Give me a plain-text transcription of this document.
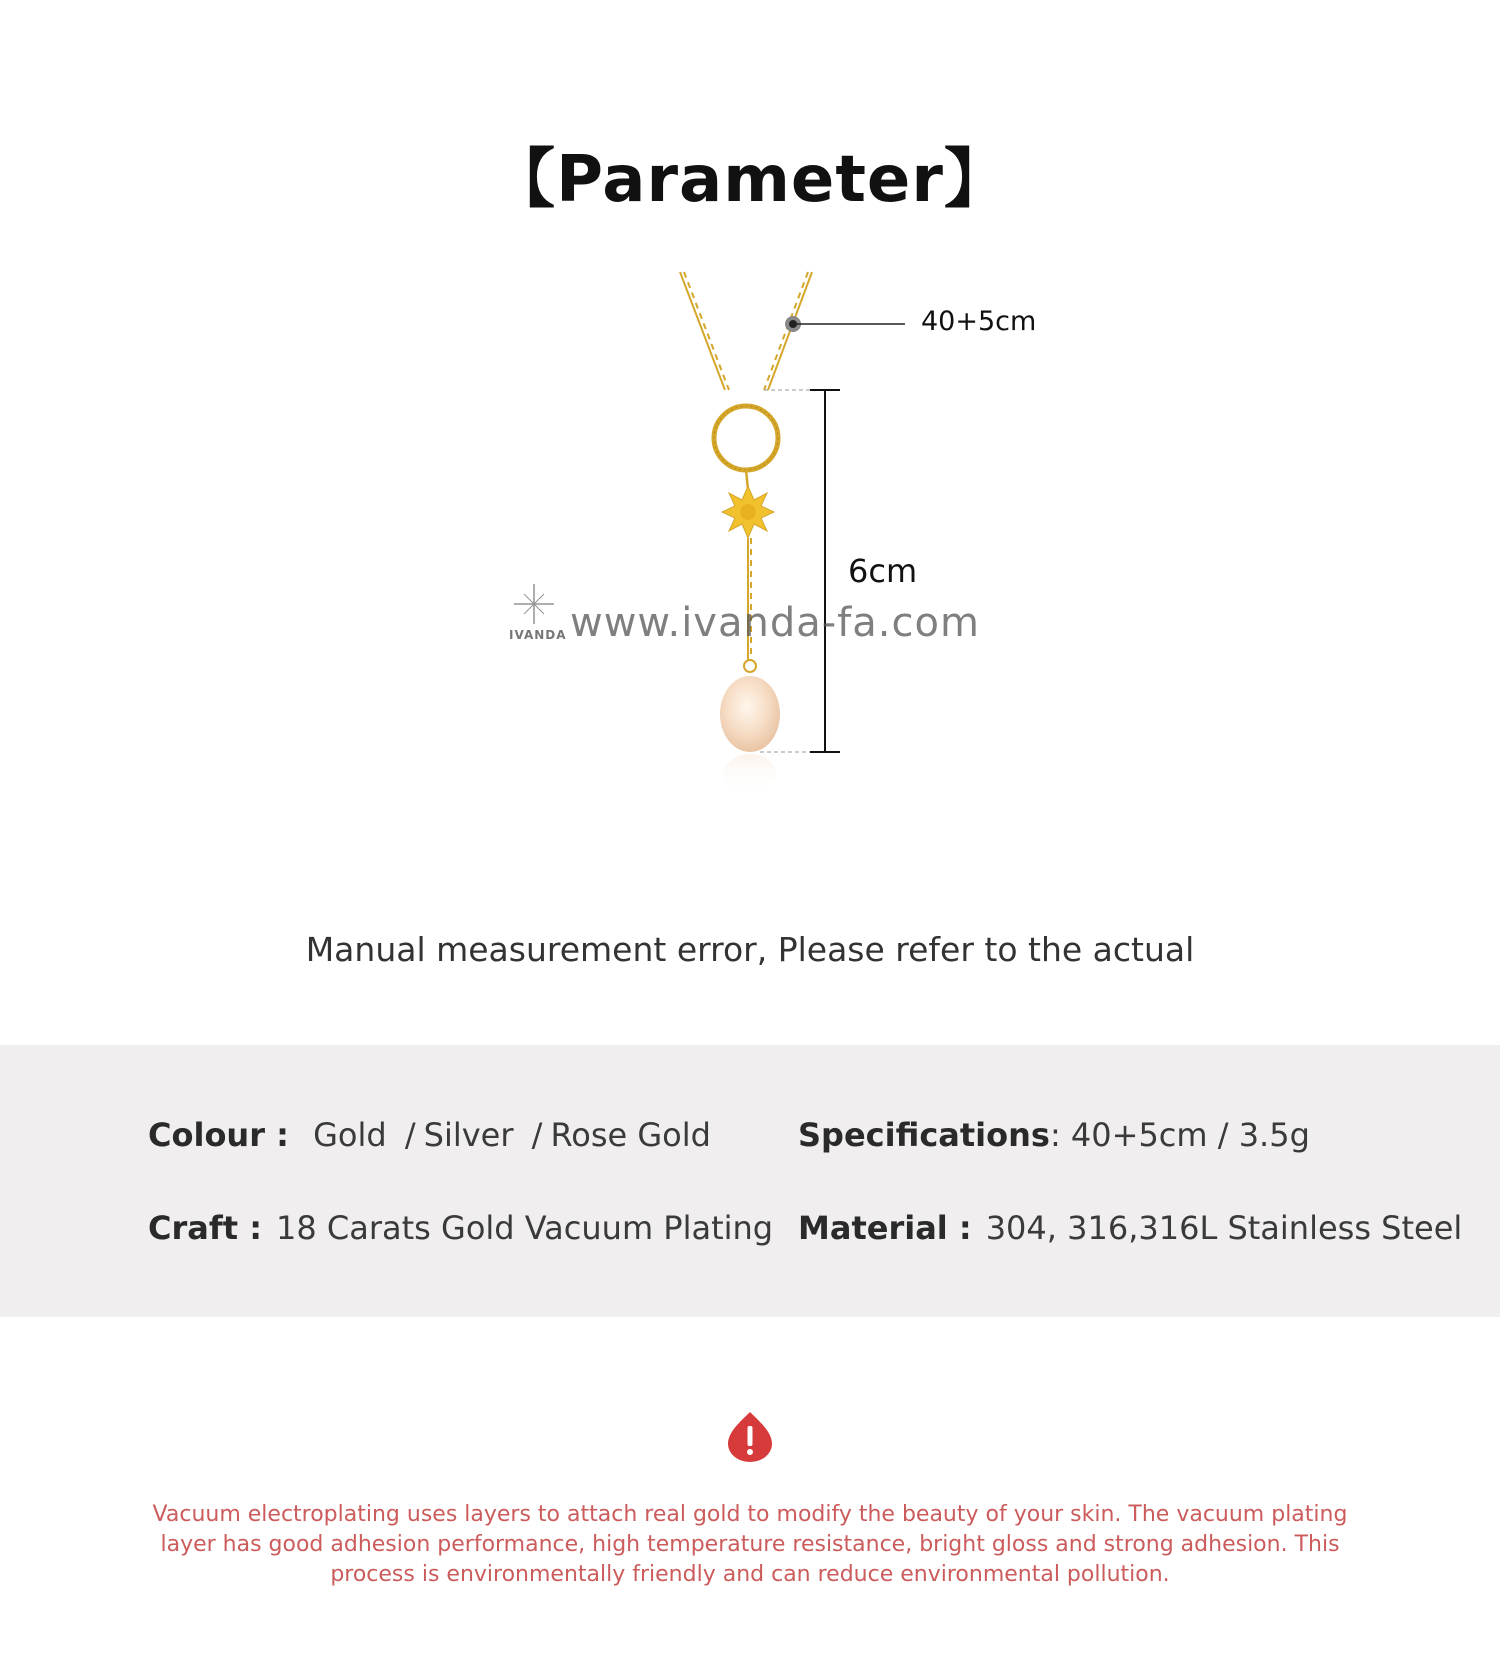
【Parameter】
40+5cm
6cm
www.ivanda-fa.com
IVANDA
Manual measurement error, Please refer to the actual
Colour : Gold / Silver / Rose Gold	Specifications: 40+5cm / 3.5g
Craft : 18 Carats Gold Vacuum Plating Material : 304, 316,316L Stainless Steel
Vacuum electroplating uses layers to attach real gold to modify the beauty of your skin. The vacuum plating layer has good adhesion performance, high temperature resistance, bright gloss and strong adhesion. This process is environmentally friendly and can reduce environmental pollution.
